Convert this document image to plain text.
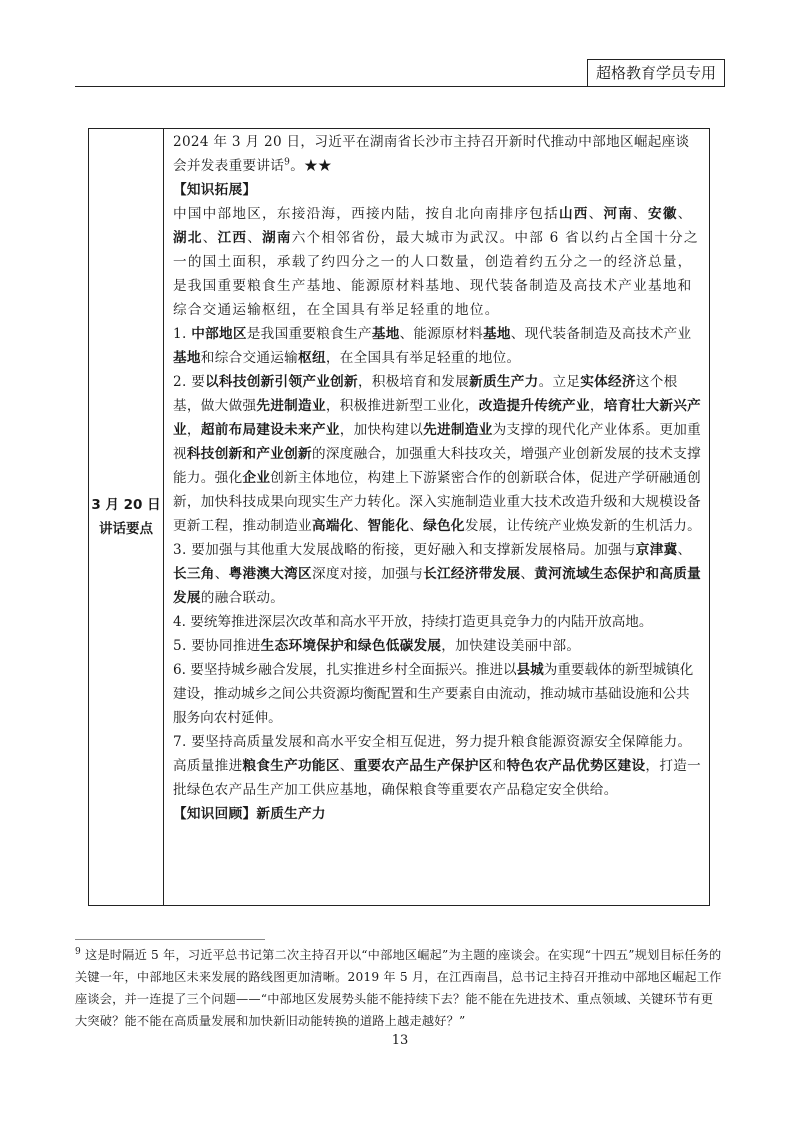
超格教育学员专用
3 月 20 日
讲话要点

2024 年 3 月 20 日，习近平在湖南省长沙市主持召开新时代推动中部地区崛起座谈会并发表重要讲话$^9$。★★

【知识拓展】

中国中部地区，东接沿海，西接内陆，按自北向南排序包括山西、河南、安徽、湖北、江西、湖南六个相邻省份，最大城市为武汉。中部 6 省以约占全国十分之一的国土面积，承载了约四分之一的人口数量，创造着约五分之一的经济总量，是我国重要粮食生产基地、能源原材料基地、现代装备制造及高技术产业基地和综合交通运输枢纽，在全国具有举足轻重的地位。

1. 中部地区是我国重要粮食生产基地、能源原材料基地、现代装备制造及高技术产业基地和综合交通运输枢纽，在全国具有举足轻重的地位。

2. 要以科技创新引领产业创新，积极培育和发展新质生产力。立足实体经济这个根基，做大做强先进制造业，积极推进新型工业化，改造提升传统产业，培育壮大新兴产业，超前布局建设未来产业，加快构建以先进制造业为支撑的现代化产业体系。更加重视科技创新和产业创新的深度融合，加强重大科技攻关，增强产业创新发展的技术支撑能力。强化企业创新主体地位，构建上下游紧密合作的创新联合体，促进产学研融通创新，加快科技成果向现实生产力转化。深入实施制造业重大技术改造升级和大规模设备更新工程，推动制造业高端化、智能化、绿色化发展，让传统产业焕发新的生机活力。

3. 要加强与其他重大发展战略的衔接，更好融入和支撑新发展格局。加强与京津冀、长三角、粤港澳大湾区深度对接，加强与长江经济带发展、黄河流域生态保护和高质量发展的融合联动。

4. 要统筹推进深层次改革和高水平开放，持续打造更具竞争力的内陆开放高地。

5. 要协同推进生态环境保护和绿色低碳发展，加快建设美丽中部。

6. 要坚持城乡融合发展，扎实推进乡村全面振兴。推进以县城为重要载体的新型城镇化建设，推动城乡之间公共资源均衡配置和生产要素自由流动，推动城市基础设施和公共服务向农村延伸。

7. 要坚持高质量发展和高水平安全相互促进，努力提升粮食能源资源安全保障能力。高质量推进粮食生产功能区、重要农产品生产保护区和特色农产品优势区建设，打造一批绿色农产品生产加工供应基地，确保粮食等重要农产品稳定安全供给。

【知识回顾】新质生产力

$^9$ 这是时隔近 5 年，习近平总书记第二次主持召开以“中部地区崛起”为主题的座谈会。在实现“十四五”规划目标任务的关键一年，中部地区未来发展的路线图更加清晰。2019 年 5 月，在江西南昌，总书记主持召开推动中部地区崛起工作座谈会，并一连提了三个问题——“中部地区发展势头能不能持续下去？能不能在先进技术、重点领域、关键环节有更大突破？能不能在高质量发展和加快新旧动能转换的道路上越走越好？”
13
